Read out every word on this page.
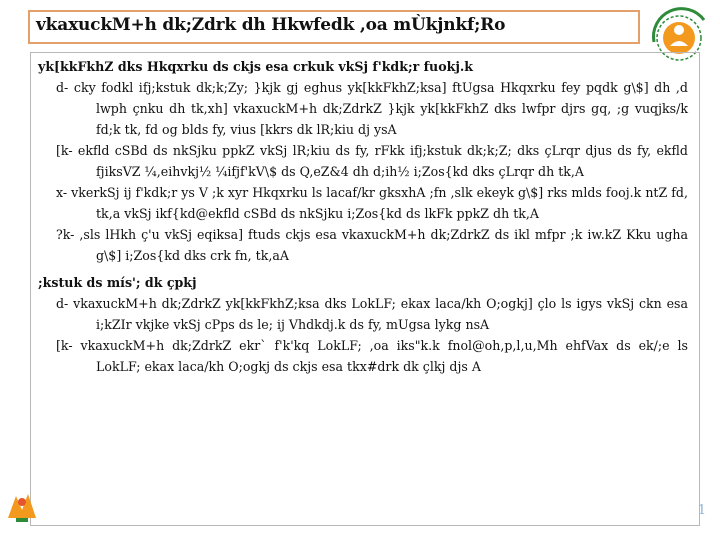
vkaxuckM+h dk;Zdrk dh Hkwfedk ,oa mÙkjnkf;Ro
yk[kkFkhZ dks Hkqxrku ds ckjs esa crkuk vkSj f'kdk;r fuokj.k
d- cky fodkl ifj;kstuk dk;k;Zy; }kjk gj eghus yk[kkFkhZ;ksa] ftUgsa Hkqxrku fey pqdk g\$] dh ,d lwph çnku dh tk,xh] vkaxuckM+h dk;ZdrkZ }kjk yk[kkFkhZ dks lwfpr djrs gq, ;g vuqjks/k fd;k tk, fd og blds fy, vius [kkrs dk lR;kiu dj ysA
[k- ekfld cSBd ds nkSjku ppkZ vkSj lR;kiu ds fy, rFkk ifj;kstuk dk;k;Z; dks çLrqr djus ds fy, ekfld fjiksVZ ¼,eihvkj½ ¼ifjf'kV\$ ds Q,eZ&4 dh d;ih½ i;Zos{kd dks çLrqr dh tk,A
x- vkerkSj ij f'kdk;r ys V ;k xyr Hkqxrku ls lacaf/kr gksxhA ;fn ,slk ekeyk g\$] rks mlds fooj.k ntZ fd, tk,a vkSj ikf{kd@ekfld cSBd ds nkSjku i;Zos{kd ds lkFk ppkZ dh tk,A
?k- ,sls lHkh ç'u vkSj eqiksa] ftuds ckjs esa vkaxuckM+h dk;ZdrkZ ds ikl mfpr ;k iw.kZ Kku ugha g\$] i;Zos{kd dks crk fn, tk,aA
;kstuk ds mís'; dk çpkj
d- vkaxuckM+h dk;ZdrkZ yk[kkFkhZ;ksa dks LokLF; ekax laca/kh O;ogkj] çlo ls igys vkSj ckn esa i;kZIr vkjke vkSj cPps ds le; ij Vhdkdj.k ds fy, mUgsa lykg nsA
[k- vkaxuckM+h dk;ZdrkZ ekr` f'k'kq LokLF; ,oa iks"k.k fnol@oh,p,l,u,Mh ehfVax ds ek/;e ls LokLF; ekax laca/kh O;ogkj ds ckjs esa tkx#drk dk çlkj djs A
1
